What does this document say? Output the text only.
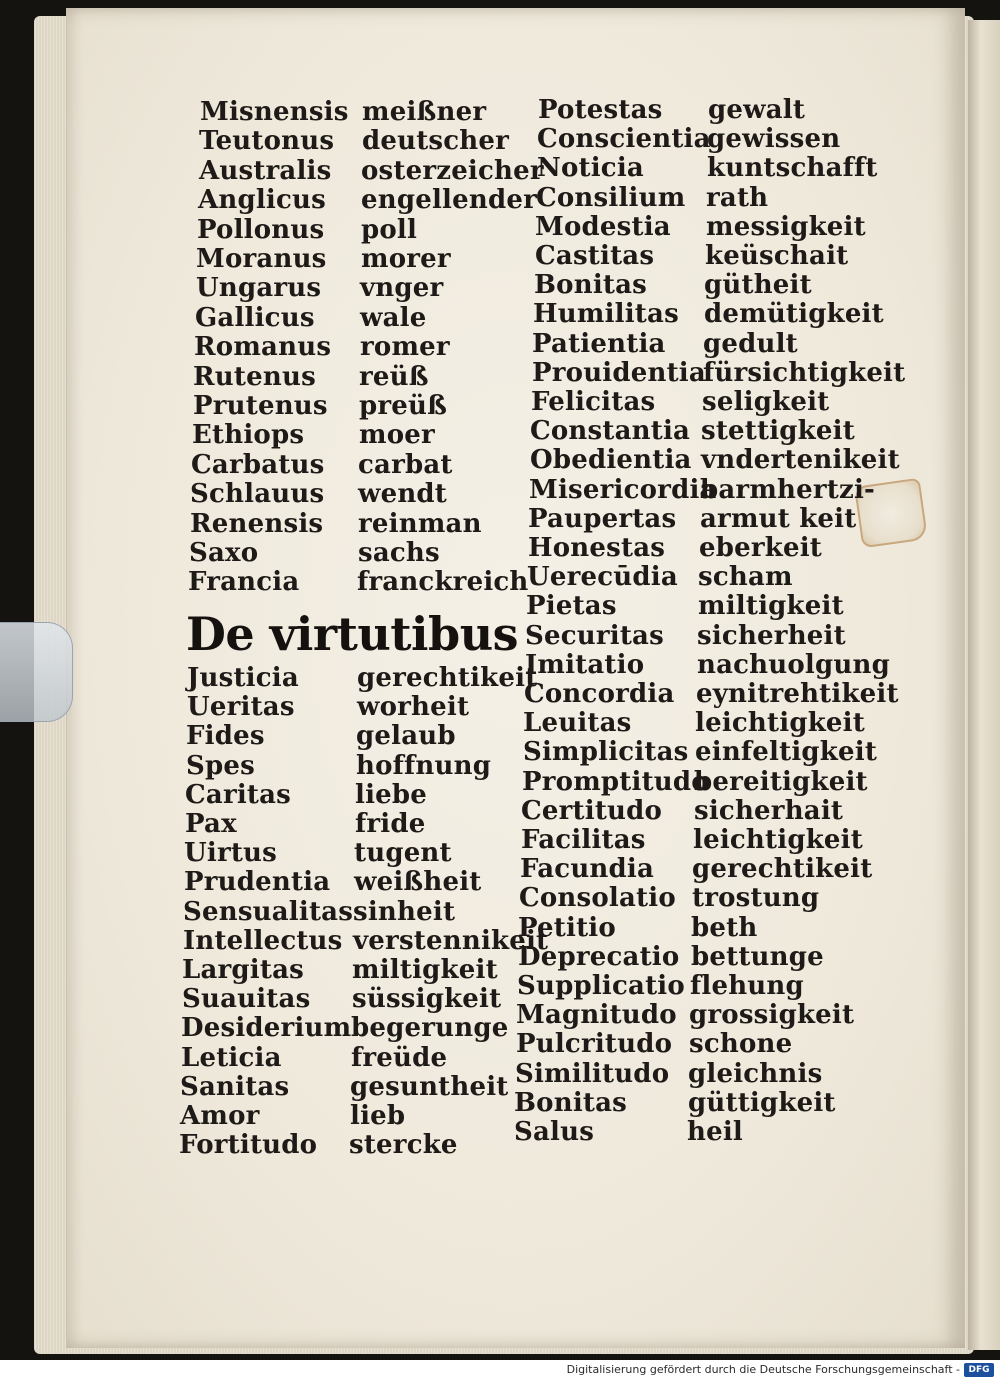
Misnensis

Teutonus

Australis

Anglicus

Pollonus

Moranus

Ungarus

Gallicus

Romanus

Rutenus

Prutenus

Ethiops

Carbatus

Schlauus

Renensis

Saxo

Francia

meißner

deutscher

osterzeicher

engellender

poll

morer

vnger

wale

romer

reüß

preüß

moer

carbat

wendt

reinman

sachs

franckreich

Justicia

Ueritas

Fides

Spes

Caritas

Pax

Uirtus

Prudentia

Sensualitas

Intellectus

Largitas

Suauitas

Desiderium

Leticia

Sanitas

Amor

Fortitudo

gerechtikeit

worheit

gelaub

hoffnung

liebe

fride

tugent

weißheit

sinheit

verstennikeit

miltigkeit

süssigkeit

begerunge

freüde

gesuntheit

lieb

stercke

Potestas

Conscientia

Noticia

Consilium

Modestia

Castitas

Bonitas

Humilitas

Patientia

Prouidentia

Felicitas

Constantia

Obedientia

Misericordia

Paupertas

Honestas

Uerecūdia

Pietas

Securitas

Imitatio

Concordia

Leuitas

Simplicitas

Promptitudo

Certitudo

Facilitas

Facundia

Consolatio

Petitio

Deprecatio

Supplicatio

Magnitudo

Pulcritudo

Similitudo

Bonitas

Salus

gewalt

gewissen

kuntschafft

rath

messigkeit

keüschait

gütheit

demütigkeit

gedult

fürsichtigkeit

seligkeit

stettigkeit

vndertenikeit

barmhertzi-

armut keit

eberkeit

scham

miltigkeit

sicherheit

nachuolgung

eynitrehtikeit

leichtigkeit

einfeltigkeit

bereitigkeit

sicherhait

leichtigkeit

gerechtikeit

trostung

beth

bettunge

flehung

grossigkeit

schone

gleichnis

güttigkeit

heil

De virtutibus
Digitalisierung gefördert durch die Deutsche Forschungsgemeinschaft - DFG
